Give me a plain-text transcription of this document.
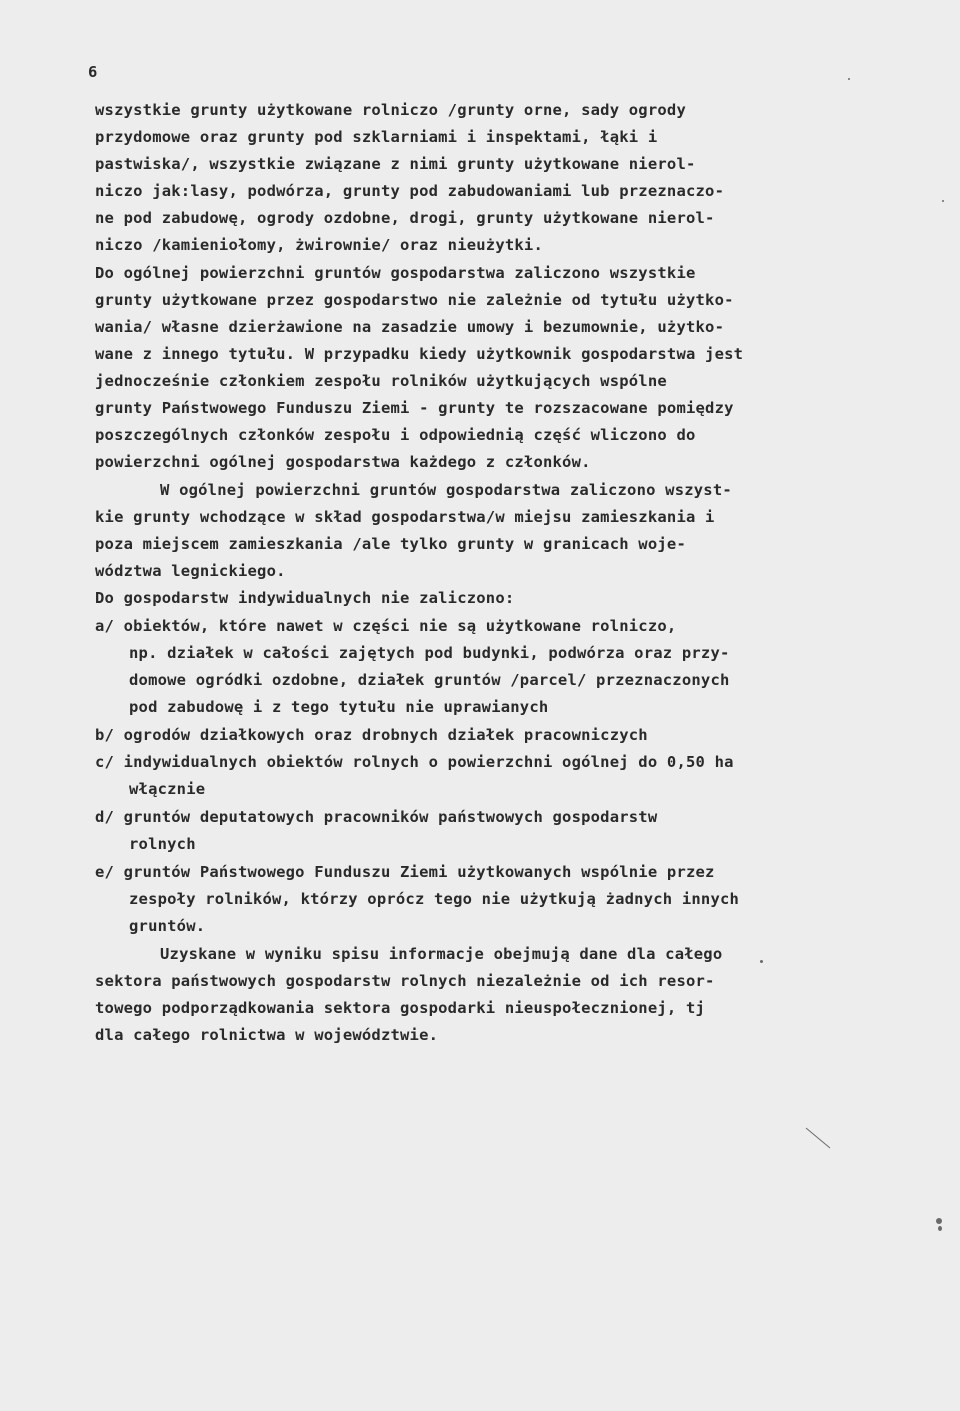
6
wszystkie grunty użytkowane rolniczo /grunty orne, sady ogrody
przydomowe oraz grunty pod szklarniami i inspektami, łąki i
pastwiska/, wszystkie związane z nimi grunty użytkowane nierol-
niczo jak:lasy, podwórza, grunty pod zabudowaniami lub przeznaczo-
ne pod zabudowę, ogrody ozdobne, drogi, grunty użytkowane nierol-
niczo /kamieniołomy, żwirownie/ oraz nieużytki.
Do ogólnej powierzchni gruntów gospodarstwa zaliczono wszystkie
grunty użytkowane przez gospodarstwo nie zależnie od tytułu użytko-
wania/ własne dzierżawione na zasadzie umowy i bezumownie, użytko-
wane z innego tytułu. W przypadku kiedy użytkownik gospodarstwa jest
jednocześnie członkiem zespołu rolników użytkujących wspólne
grunty Państwowego Funduszu Ziemi - grunty te rozszacowane pomiędzy
poszczególnych członków zespołu i odpowiednią część wliczono do
powierzchni ogólnej gospodarstwa każdego z członków.
W ogólnej powierzchni gruntów gospodarstwa zaliczono wszyst-
kie grunty wchodzące w skład gospodarstwa/w miejsu zamieszkania i
poza miejscem zamieszkania /ale tylko grunty w granicach woje-
wództwa legnickiego.
Do gospodarstw indywidualnych nie zaliczono:
a/ obiektów, które nawet w części nie są użytkowane rolniczo,
np. działek w całości zajętych pod budynki, podwórza oraz przy-
domowe ogródki ozdobne, działek gruntów /parcel/ przeznaczonych
pod zabudowę i z tego tytułu nie uprawianych
b/ ogrodów działkowych oraz drobnych działek pracowniczych
c/ indywidualnych obiektów rolnych o powierzchni ogólnej do 0,50 ha
włącznie
d/ gruntów deputatowych pracowników państwowych gospodarstw
rolnych
e/ gruntów Państwowego Funduszu Ziemi użytkowanych wspólnie przez
zespoły rolników, którzy oprócz tego nie użytkują żadnych innych
gruntów.
Uzyskane w wyniku spisu informacje obejmują dane dla całego
sektora państwowych gospodarstw rolnych niezależnie od ich resor-
towego podporządkowania sektora gospodarki nieuspołecznionej, tj
dla całego rolnictwa w województwie.
